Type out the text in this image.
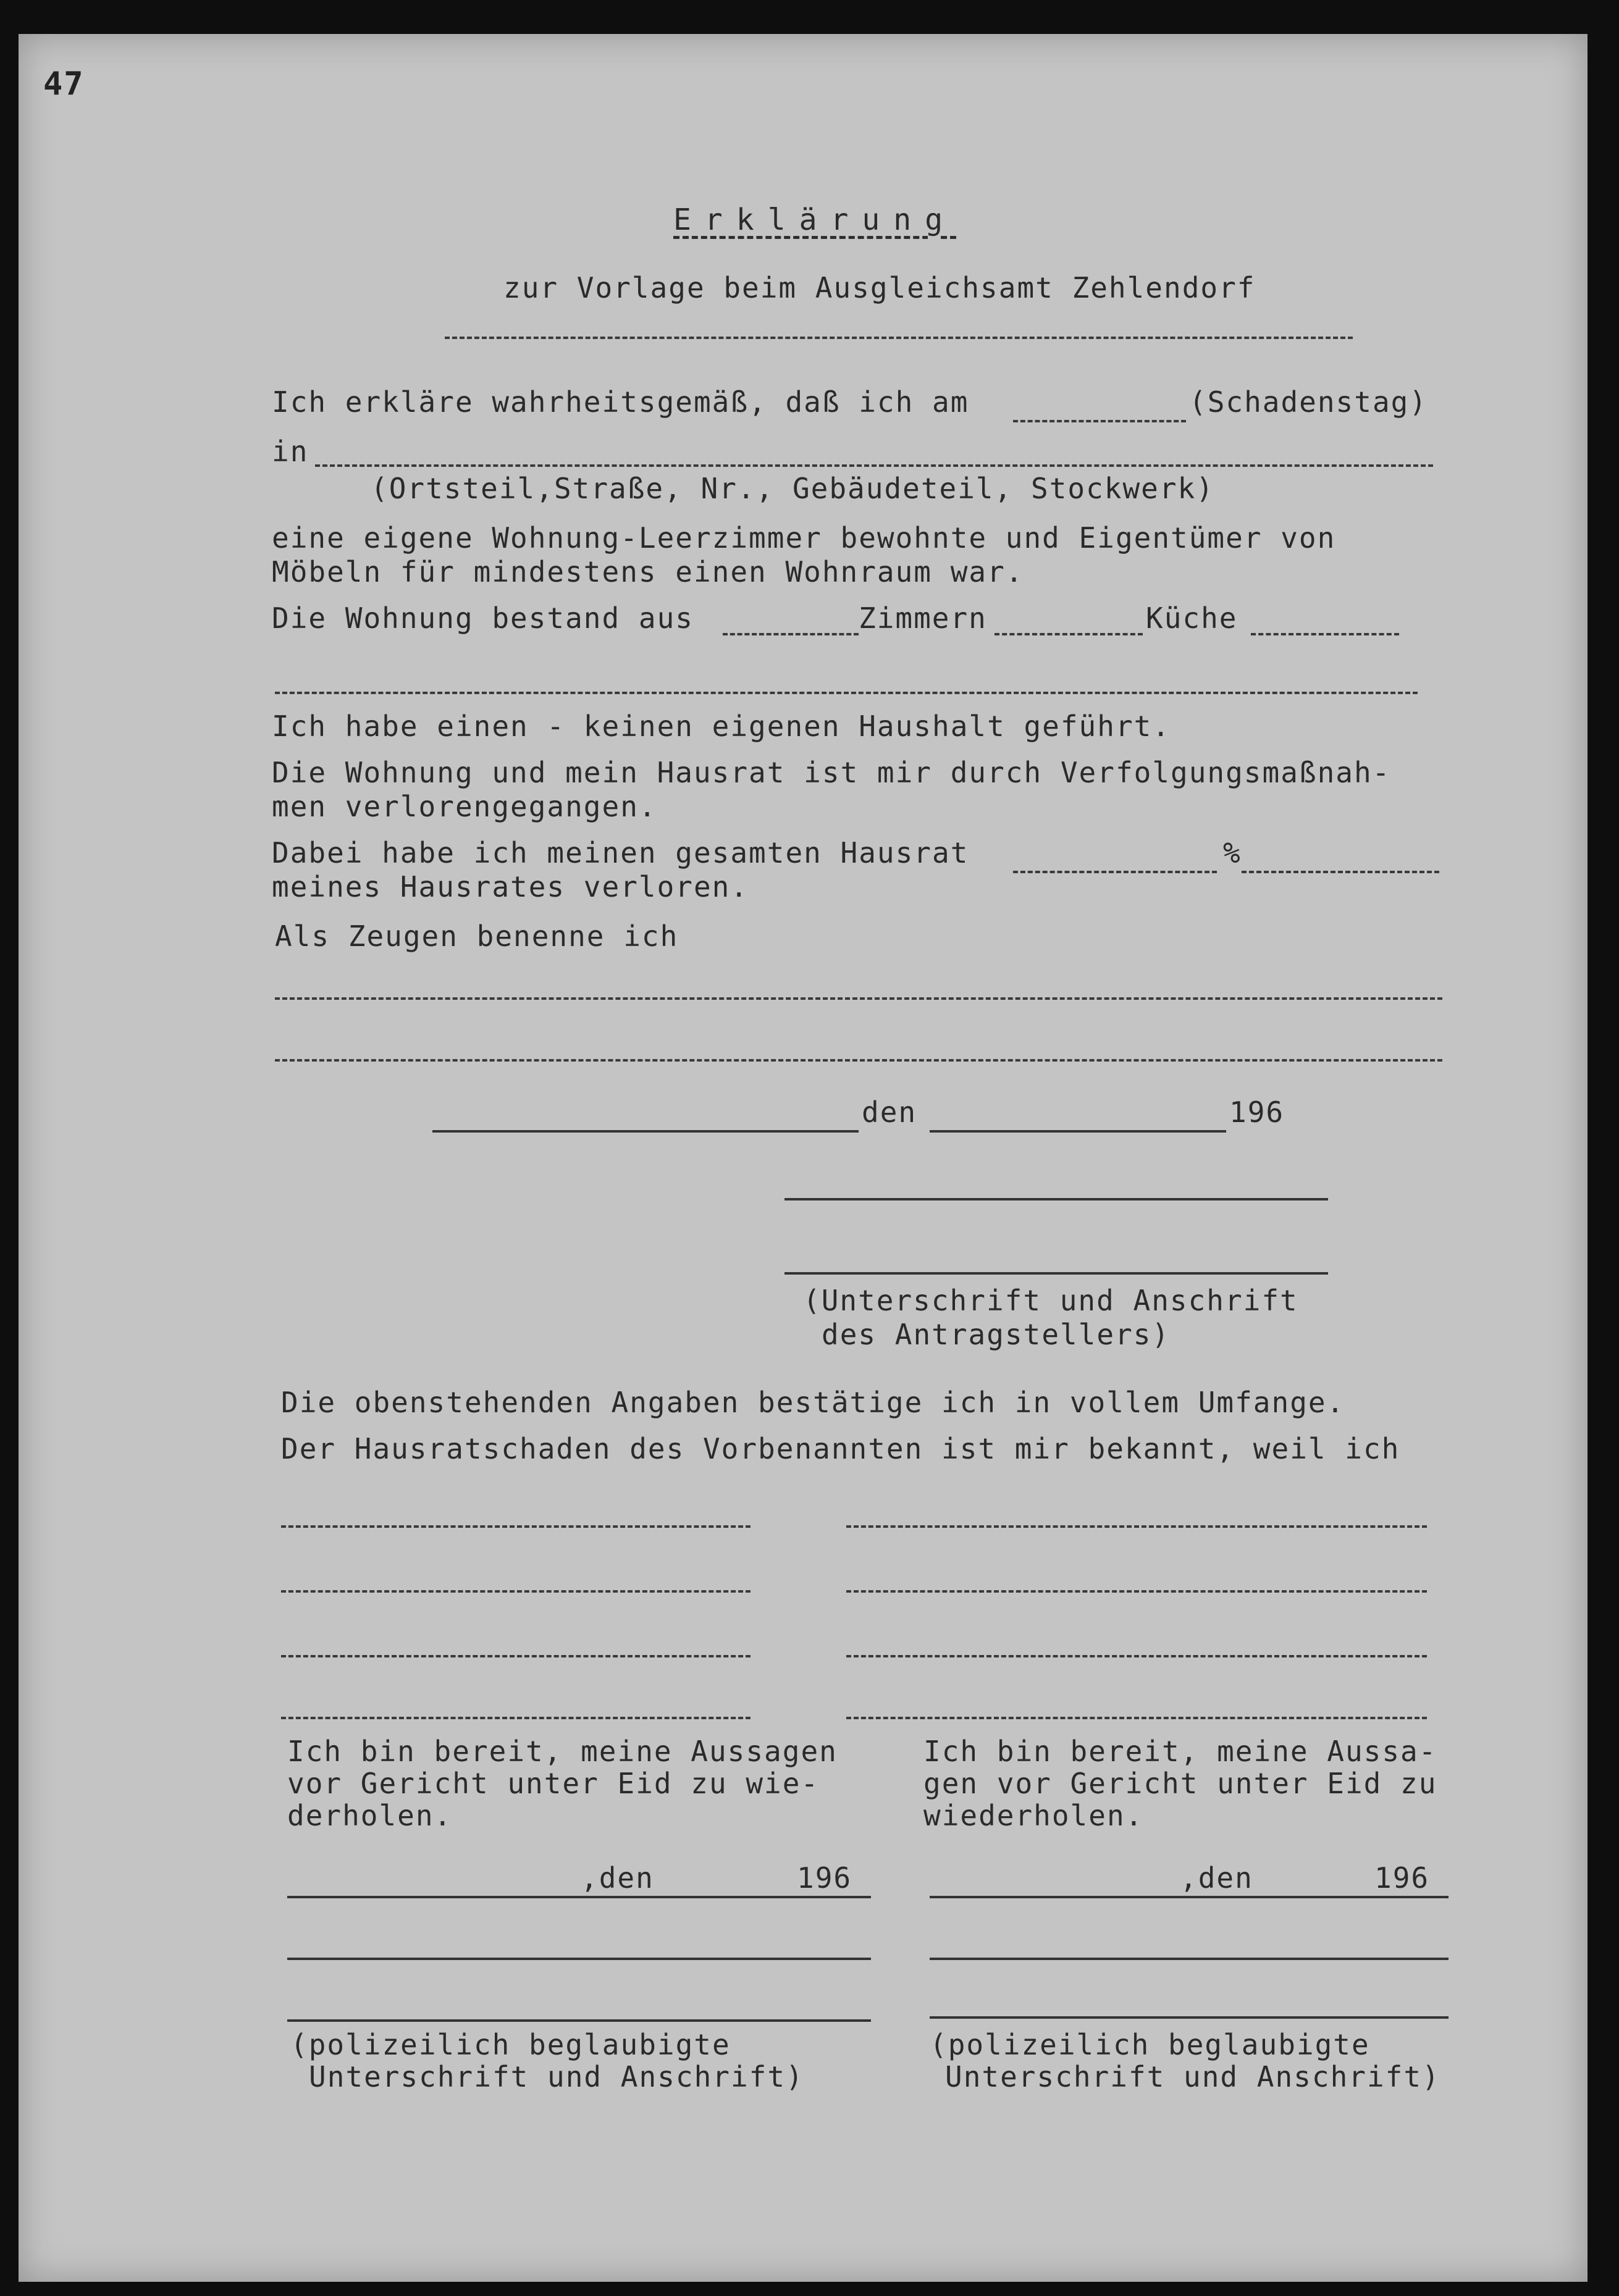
47
Erklärung
zur Vorlage beim Ausgleichsamt Zehlendorf
Ich erkläre wahrheitsgemäß, daß ich am	(Schadenstag)
in
(Ortsteil,Straße, Nr., Gebäudeteil, Stockwerk)
eine eigene Wohnung-Leerzimmer bewohnte und Eigentümer von
Möbeln für mindestens einen Wohnraum war.
Die Wohnung bestand aus	Zimmern	Küche
Ich habe einen - keinen eigenen Haushalt geführt.
Die Wohnung und mein Hausrat ist mir durch Verfolgungsmaßnah-
men verlorengegangen.
Dabei habe ich meinen gesamten Hausrat	%
meines Hausrates verloren.
Als Zeugen benenne ich
den	196
(Unterschrift und Anschrift
des Antragstellers)
Die obenstehenden Angaben bestätige ich in vollem Umfange.
Der Hausratschaden des Vorbenannten ist mir bekannt, weil ich
Ich bin bereit, meine Aussagen
vor Gericht unter Eid zu wie-
derholen.
,den	196
(polizeilich beglaubigte
Unterschrift und Anschrift)
Ich bin bereit, meine Aussa-
gen vor Gericht unter Eid zu
wiederholen.
,den	196
(polizeilich beglaubigte
Unterschrift und Anschrift)
